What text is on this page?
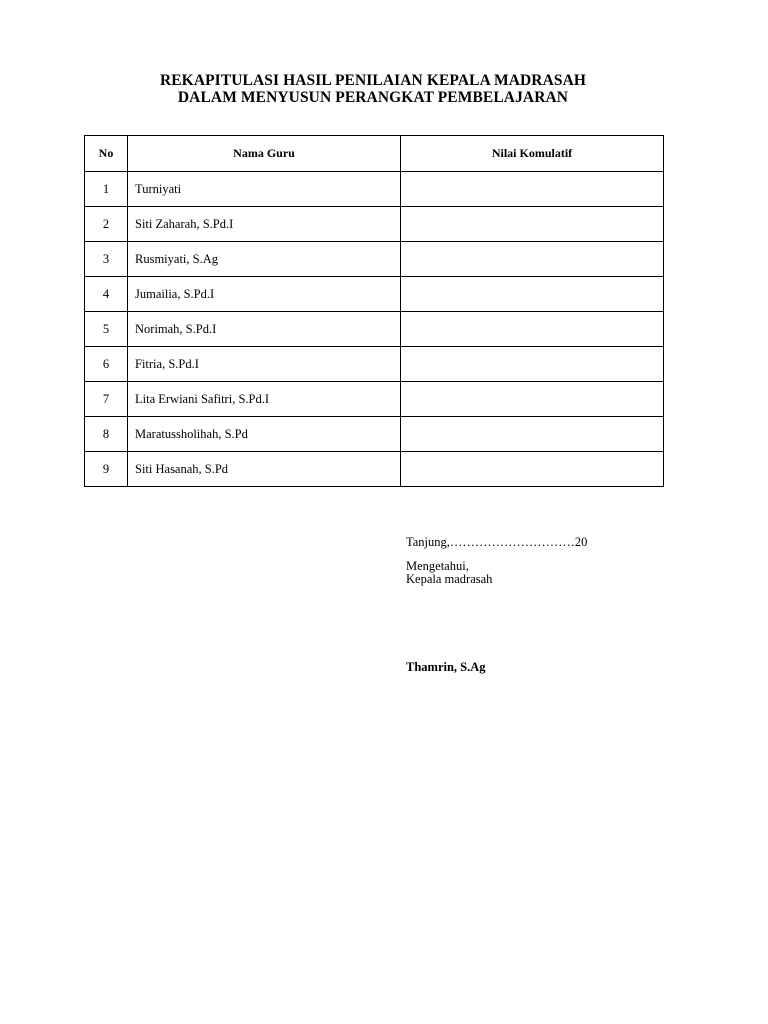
REKAPITULASI HASIL PENILAIAN KEPALA MADRASAH
DALAM MENYUSUN PERANGKAT PEMBELAJARAN
No	Nama Guru	Nilai Komulatif
1	Turniyati	
2	Siti Zaharah, S.Pd.I	
3	Rusmiyati, S.Ag	
4	Jumailia, S.Pd.I	
5	Norimah, S.Pd.I	
6	Fitria, S.Pd.I	
7	Lita Erwiani Safitri, S.Pd.I	
8	Maratussholihah, S.Pd	
9	Siti Hasanah, S.Pd	
Tanjung,…………………………20
Mengetahui,
Kepala madrasah
Thamrin, S.Ag
